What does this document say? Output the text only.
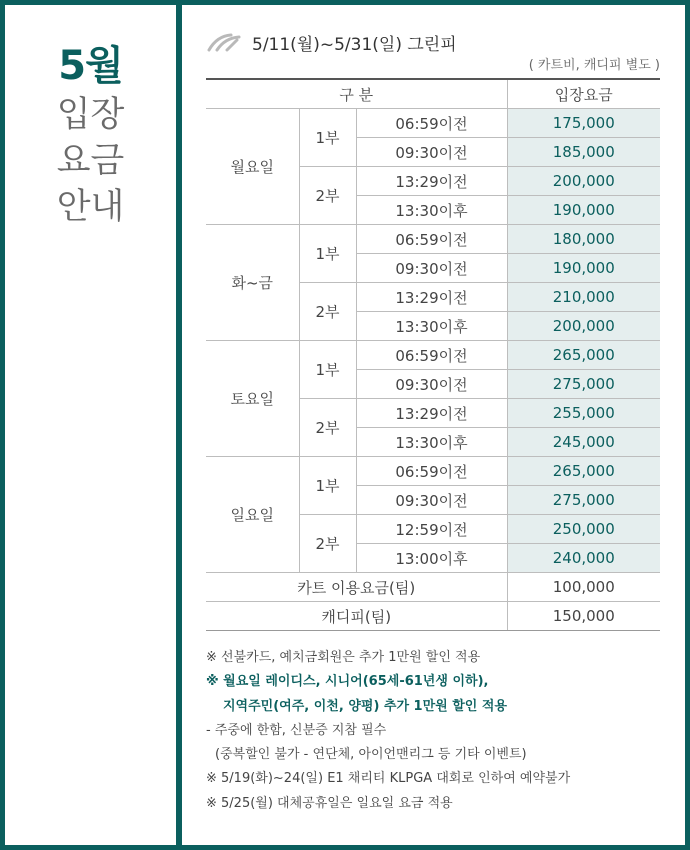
5월
입장
요금
안내
5/11(월)~5/31(일) 그린피
( 카트비, 캐디피 별도 )
구 분			입장요금
월요일	1부	06:59이전	175,000
		09:30이전	185,000
	2부	13:29이전	200,000
		13:30이후	190,000
화~금	1부	06:59이전	180,000
		09:30이전	190,000
	2부	13:29이전	210,000
		13:30이후	200,000
토요일	1부	06:59이전	265,000
		09:30이전	275,000
	2부	13:29이전	255,000
		13:30이후	245,000
일요일	1부	06:59이전	265,000
		09:30이전	275,000
	2부	12:59이전	250,000
		13:00이후	240,000
카트 이용요금(팀)			100,000
캐디피(팀)			150,000
※ 선불카드, 예치금회원은 추가 1만원 할인 적용
※ 월요일 레이디스, 시니어(65세-61년생 이하),
지역주민(여주, 이천, 양평) 추가 1만원 할인 적용
- 주중에 한함, 신분증 지참 필수
(중복할인 불가 - 연단체, 아이언맨리그 등 기타 이벤트)
※ 5/19(화)~24(일) E1 채리티 KLPGA 대회로 인하여 예약불가
※ 5/25(월) 대체공휴일은 일요일 요금 적용
